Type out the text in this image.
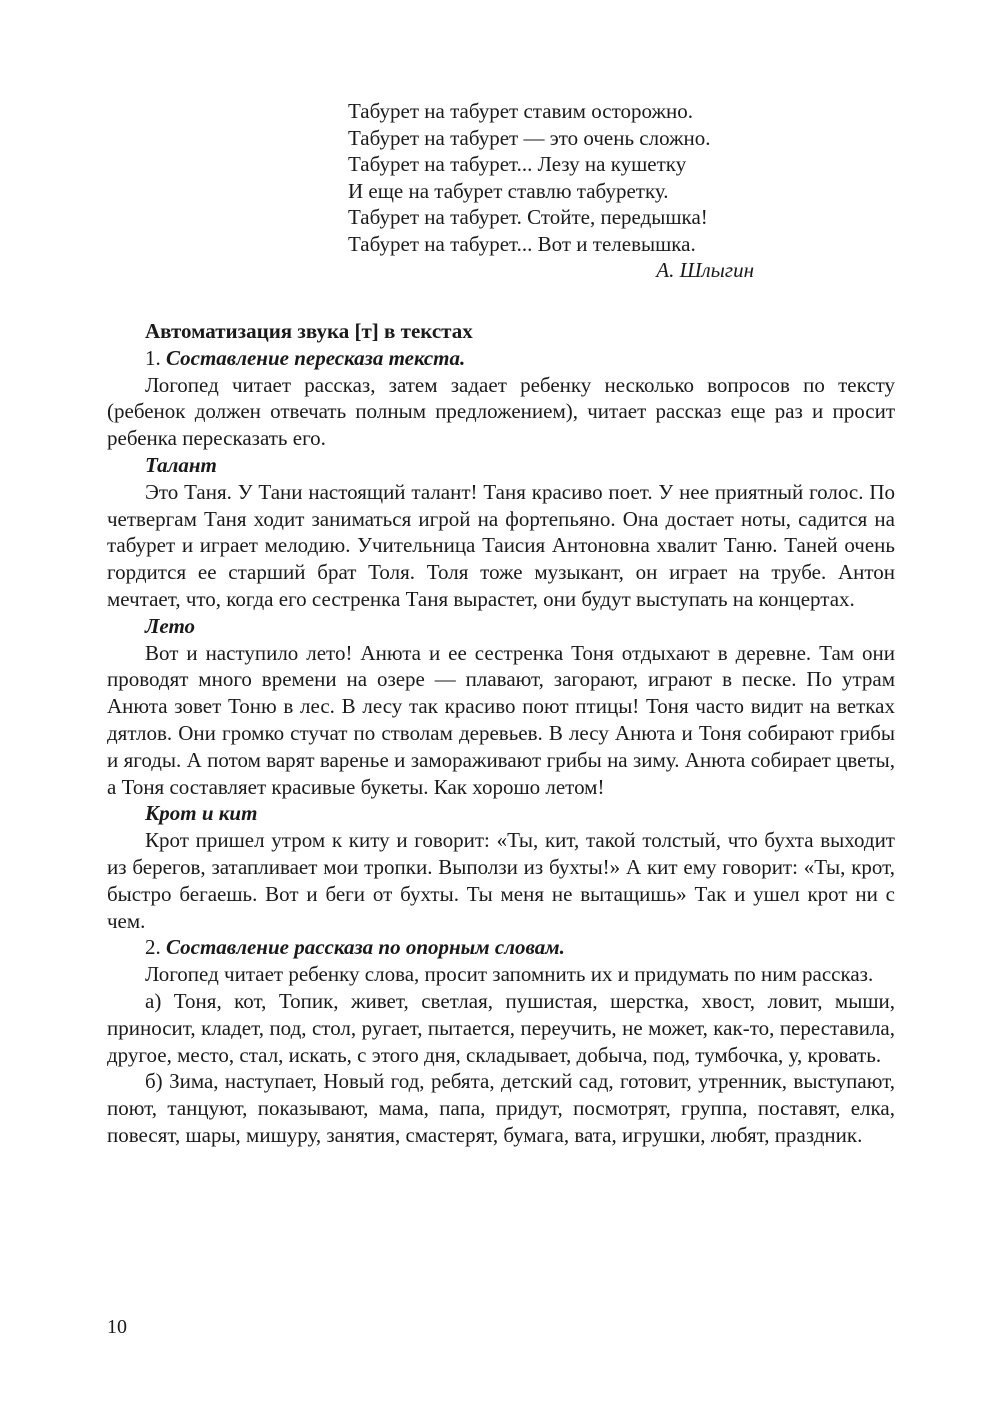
Табурет на табурет ставим осторожно.
Табурет на табурет — это очень сложно.
Табурет на табурет... Лезу на кушетку
И еще на табурет ставлю табуретку.
Табурет на табурет. Стойте, передышка!
Табурет на табурет... Вот и телевышка.
А. Шлыгин

Автоматизация звука [т] в текстах

1. Составление пересказа текста.

Логопед читает рассказ, затем задает ребенку несколько вопросов по тексту (ребенок должен отвечать полным предложением), читает рассказ еще раз и просит ребенка пересказать его.

Талант

Это Таня. У Тани настоящий талант! Таня красиво поет. У нее приятный голос. По четвергам Таня ходит заниматься игрой на фортепьяно. Она достает ноты, садится на табурет и играет мелодию. Учительница Таисия Антоновна хвалит Таню. Таней очень гордится ее старший брат Толя. Толя тоже музыкант, он играет на трубе. Антон мечтает, что, когда его сестренка Таня вырастет, они будут выступать на концертах.

Лето

Вот и наступило лето! Анюта и ее сестренка Тоня отдыхают в деревне. Там они проводят много времени на озере — плавают, загорают, играют в песке. По утрам Анюта зовет Тоню в лес. В лесу так красиво поют птицы! Тоня часто видит на ветках дятлов. Они громко стучат по стволам деревьев. В лесу Анюта и Тоня собирают грибы и ягоды. А потом варят варенье и замораживают грибы на зиму. Анюта собирает цветы, а Тоня составляет красивые букеты. Как хорошо летом!

Крот и кит

Крот пришел утром к киту и говорит: «Ты, кит, такой толстый, что бухта выходит из берегов, затапливает мои тропки. Выползи из бухты!» А кит ему говорит: «Ты, крот, быстро бегаешь. Вот и беги от бухты. Ты меня не вытащишь» Так и ушел крот ни с чем.

2. Составление рассказа по опорным словам.

Логопед читает ребенку слова, просит запомнить их и придумать по ним рассказ.

а) Тоня, кот, Топик, живет, светлая, пушистая, шерстка, хвост, ловит, мыши, приносит, кладет, под, стол, ругает, пытается, переучить, не может, как-то, переставила, другое, место, стал, искать, с этого дня, складывает, добыча, под, тумбочка, у, кровать.

б) Зима, наступает, Новый год, ребята, детский сад, готовит, утренник, выступают, поют, танцуют, показывают, мама, папа, придут, посмотрят, группа, поставят, елка, повесят, шары, мишуру, занятия, смастерят, бумага, вата, игрушки, любят, праздник.

10
